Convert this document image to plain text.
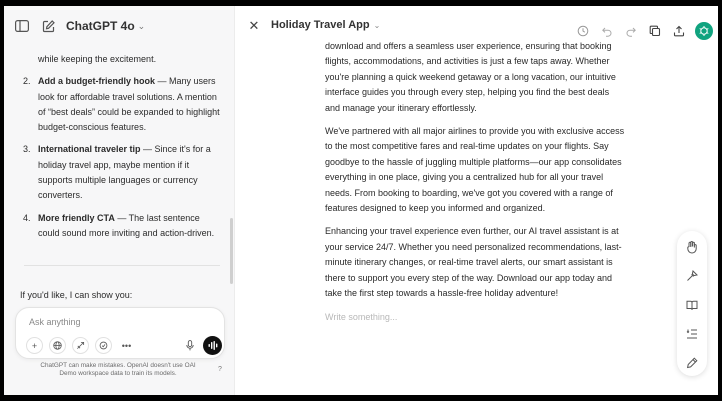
ChatGPT 4o ⌄
while keeping the excitement.
2. Add a budget-friendly hook — Many users look for affordable travel solutions. A mention of “best deals” could be expanded to highlight budget-conscious features.
3. International traveler tip — Since it's for a holiday travel app, maybe mention if it supports multiple languages or currency converters.
4. More friendly CTA — The last sentence could sound more inviting and action-driven.
If you'd like, I can show you:
•
•
Ask anything
+	•••
ChatGPT can make mistakes. OpenAI doesn't use OAI Demo workspace data to train its models.
?
✕ Holiday Travel App ⌄

download and offers a seamless user experience, ensuring that booking flights, accommodations, and activities is just a few taps away. Whether you're planning a quick weekend getaway or a long vacation, our intuitive interface guides you through every step, helping you find the best deals and manage your itinerary effortlessly.

We've partnered with all major airlines to provide you with exclusive access to the most competitive fares and real-time updates on your flights. Say goodbye to the hassle of juggling multiple platforms—our app consolidates everything in one place, giving you a centralized hub for all your travel needs. From booking to boarding, we've got you covered with a range of features designed to keep you informed and organized.

Enhancing your travel experience even further, our AI travel assistant is at your service 24/7. Whether you need personalized recommendations, last-minute itinerary changes, or real-time travel alerts, our smart assistant is there to support you every step of the way. Download our app today and take the first step towards a hassle-free holiday adventure!

Write something...
